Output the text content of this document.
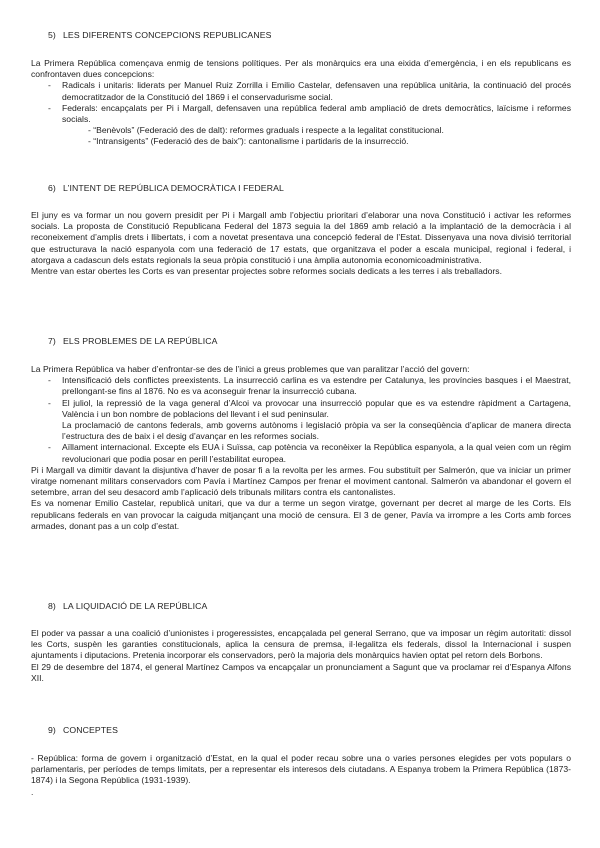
5) LES DIFERENTS CONCEPCIONS REPUBLICANES

La Primera República començava enmig de tensions polítiques. Per als monàrquics era una eixida d’emergència, i en els republicans es confrontaven dues concepcions:

- Radicals i unitaris: liderats per Manuel Ruiz Zorrilla i Emilio Castelar, defensaven una república unitària, la continuació del procés democratitzador de la Constitució del 1869 i el conservadurisme social.
- Federals: encapçalats per Pi i Margall, defensaven una república federal amb ampliació de drets democràtics, laïcisme i reformes socials.
- “Benèvols” (Federació des de dalt): reformes graduals i respecte a la legalitat constitucional.
- “Intransigents” (Federació des de baix”): cantonalisme i partidaris de la insurrecció.
6) L’INTENT DE REPÚBLICA DEMOCRÀTICA I FEDERAL

El juny es va formar un nou govern presidit per Pi i Margall amb l’objectiu prioritari d’elaborar una nova Constitució i activar les reformes socials. La proposta de Constitució Republicana Federal del 1873 seguia la del 1869 amb relació a la implantació de la democràcia i al reconeixement d’amplis drets i llibertats, i com a novetat presentava una concepció federal de l’Estat. Dissenyava una nova divisió territorial que estructurava la nació espanyola com una federació de 17 estats, que organitzava el poder a escala municipal, regional i federal, i atorgava a cadascun dels estats regionals la seua pròpia constitució i una àmplia autonomia economicoadministrativa.

Mentre van estar obertes les Corts es van presentar projectes sobre reformes socials dedicats a les terres i als treballadors.

7) ELS PROBLEMES DE LA REPÚBLICA

La Primera República va haber d’enfrontar-se des de l’inici a greus problemes que van paralitzar l’acció del govern:

- Intensificació dels conflictes preexistents. La insurrecció carlina es va estendre per Catalunya, les províncies basques i el Maestrat, prellongant-se fins al 1876. No es va aconseguir frenar la insurrecció cubana.
- El juliol, la repressió de la vaga general d’Alcoi va provocar una insurrecció popular que es va estendre ràpidment a Cartagena, València i un bon nombre de poblacions del llevant i el sud peninsular.

La proclamació de cantons federals, amb governs autònoms i legislació pròpia va ser la conseqüència d’aplicar de manera directa l’estructura des de baix i el desig d’avançar en les reformes socials.

- Aïllament internacional. Excepte els EUA i Suïssa, cap potència va reconèixer la República espanyola, a la qual veien com un règim revolucionari que podia posar en perill l’estabilitat europea.

Pi i Margall va dimitir davant la disjuntiva d’haver de posar fi a la revolta per les armes. Fou substituït per Salmerón, que va iniciar un primer viratge nomenant militars conservadors com Pavía i Martínez Campos per frenar el moviment cantonal. Salmerón va abandonar el govern el setembre, arran del seu desacord amb l’aplicació dels tribunals militars contra els cantonalistes.

Es va nomenar Emilio Castelar, republicà unitari, que va dur a terme un segon viratge, governant per decret al marge de les Corts. Els republicans federals en van provocar la caiguda mitjançant una moció de censura. El 3 de gener, Pavía va irrompre a les Corts amb forces armades, donant pas a un colp d’estat.

8) LA LIQUIDACIÓ DE LA REPÚBLICA

El poder va passar a una coalició d’unionistes i progeressistes, encapçalada pel general Serrano, que va imposar un règim autoritati: dissol les Corts, suspèn les garanties constitucionals, aplica la censura de premsa, il·legalitza els federals, dissol la Internacional i suspen ajuntaments i diputacions. Pretenia incorporar els conservadors, però la majoria dels monàrquics havien optat pel retorn dels Borbons.

El 29 de desembre del 1874, el general Martínez Campos va encapçalar un pronunciament a Sagunt que va proclamar rei d’Espanya Alfons XII.

9) CONCEPTES

- República: forma de govern i organització d’Estat, en la qual el poder recau sobre una o varies persones elegides per vots populars o parlamentaris, per períodes de temps limitats, per a representar els interesos dels ciutadans. A Espanya trobem la Primera República (1873-1874) i la Segona República (1931-1939).

.
